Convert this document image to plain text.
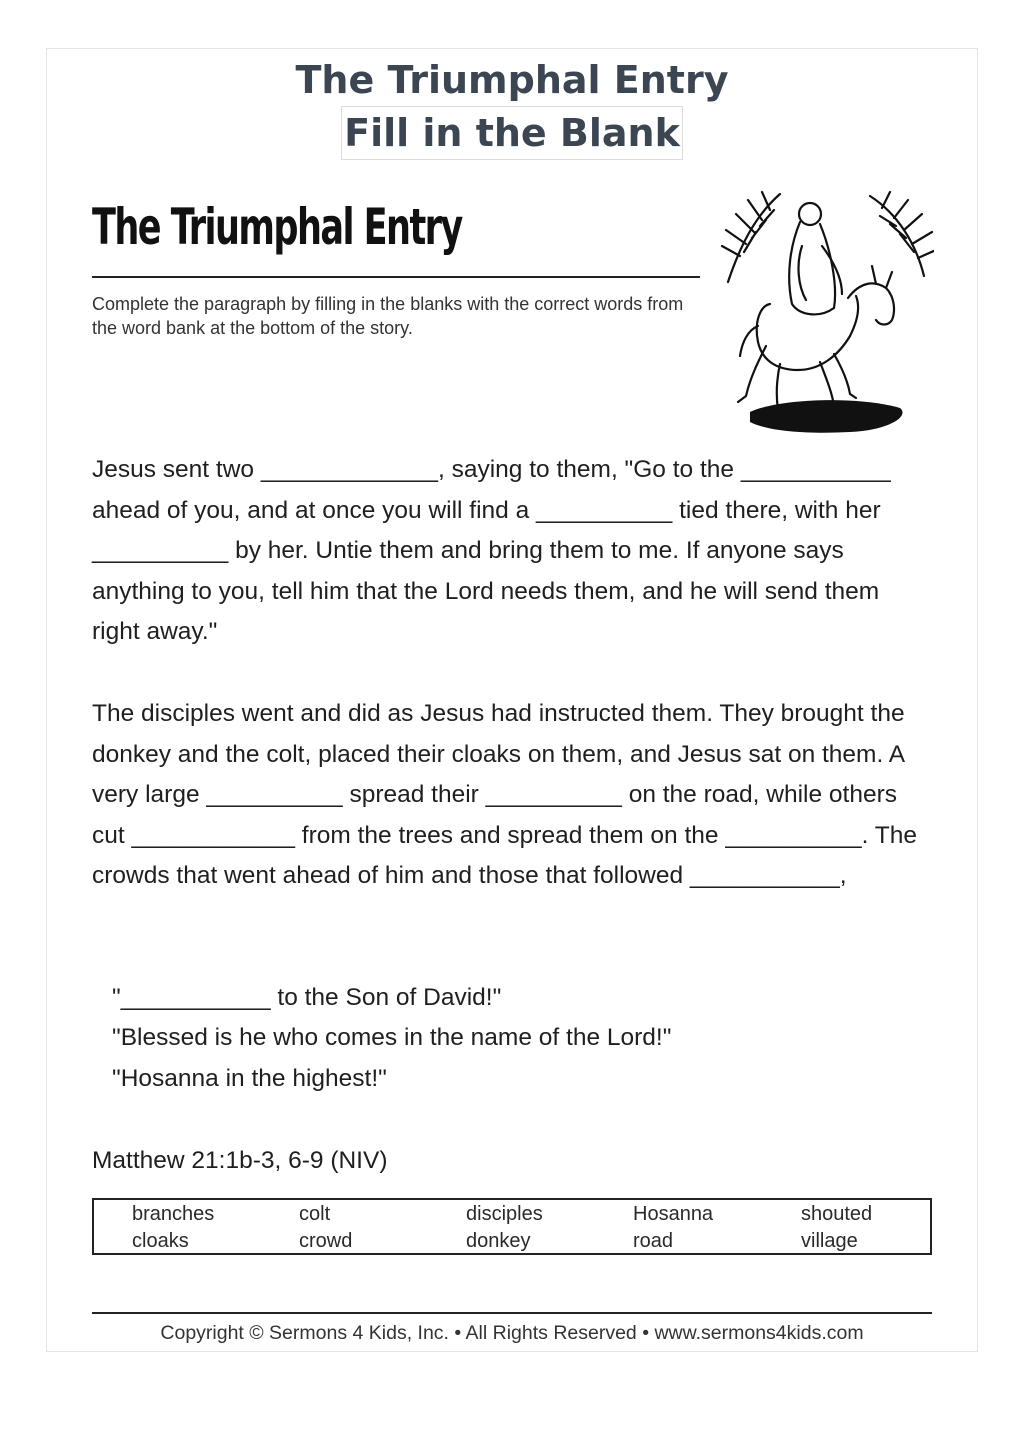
The Triumphal Entry
Fill in the Blank
The Triumphal Entry
Complete the paragraph by filling in the blanks with the correct words from the word bank at the bottom of the story.
Jesus sent two _____________, saying to them, "Go to the ___________ ahead of you, and at once you will find a __________ tied there, with her __________ by her. Untie them and bring them to me. If anyone says anything to you, tell him that the Lord needs them, and he will send them right away."
The disciples went and did as Jesus had instructed them. They brought the donkey and the colt, placed their cloaks on them, and Jesus sat on them. A very large __________ spread their __________ on the road, while others cut ____________ from the trees and spread them on the __________. The crowds that went ahead of him and those that followed ___________,
"___________ to the Son of David!"
"Blessed is he who comes in the name of the Lord!"
"Hosanna in the highest!"
Matthew 21:1b-3, 6-9 (NIV)
branches
cloaks
colt
crowd
disciples
donkey
Hosanna
road
shouted
village
Copyright © Sermons 4 Kids, Inc. • All Rights Reserved • www.sermons4kids.com
